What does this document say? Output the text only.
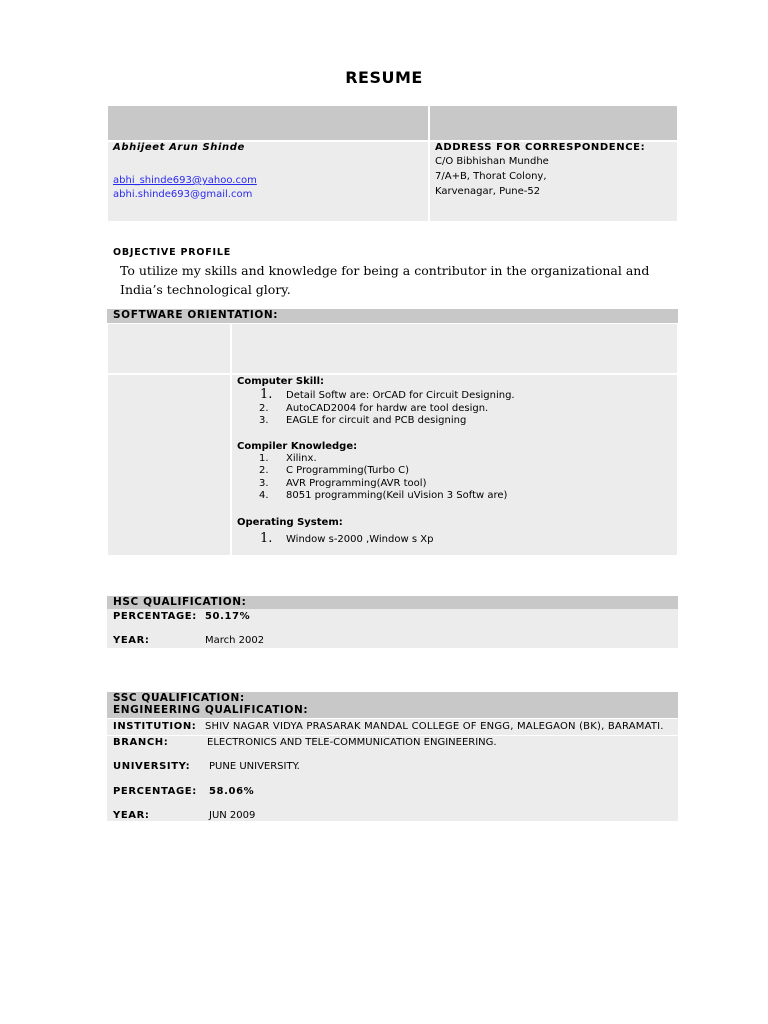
RESUME
Abhijeet Arun Shinde
abhi_shinde693@yahoo.com
abhi.shinde693@gmail.com
ADDRESS FOR CORRESPONDENCE:
C/O Bibhishan Mundhe
7/A+B, Thorat Colony,
Karvenagar, Pune-52
OBJECTIVE PROFILE
To utilize my skills and knowledge for being a contributor in the organizational and
India’s technological glory.
SOFTWARE ORIENTATION:
Computer Skill:
1. Detail Softw are: OrCAD for Circuit Designing.
2. AutoCAD2004 for hardw are tool design.
3. EAGLE for circuit and PCB designing
Compiler Knowledge:
1. Xilinx.
2. C Programming(Turbo C)
3. AVR Programming(AVR tool)
4. 8051 programming(Keil uVision 3 Softw are)
Operating System:
1. Window s-2000 ,Window s Xp
HSC QUALIFICATION:
PERCENTAGE: 50.17%
YEAR:	March 2002
SSC QUALIFICATION:
ENGINEERING QUALIFICATION:
INSTITUTION: SHIV NAGAR VIDYA PRASARAK MANDAL COLLEGE OF ENGG, MALEGAON (BK), BARAMATI.
BRANCH:	ELECTRONICS AND TELE-COMMUNICATION ENGINEERING.
UNIVERSITY: PUNE UNIVERSITY.
PERCENTAGE: 58.06%
YEAR:	JUN 2009
